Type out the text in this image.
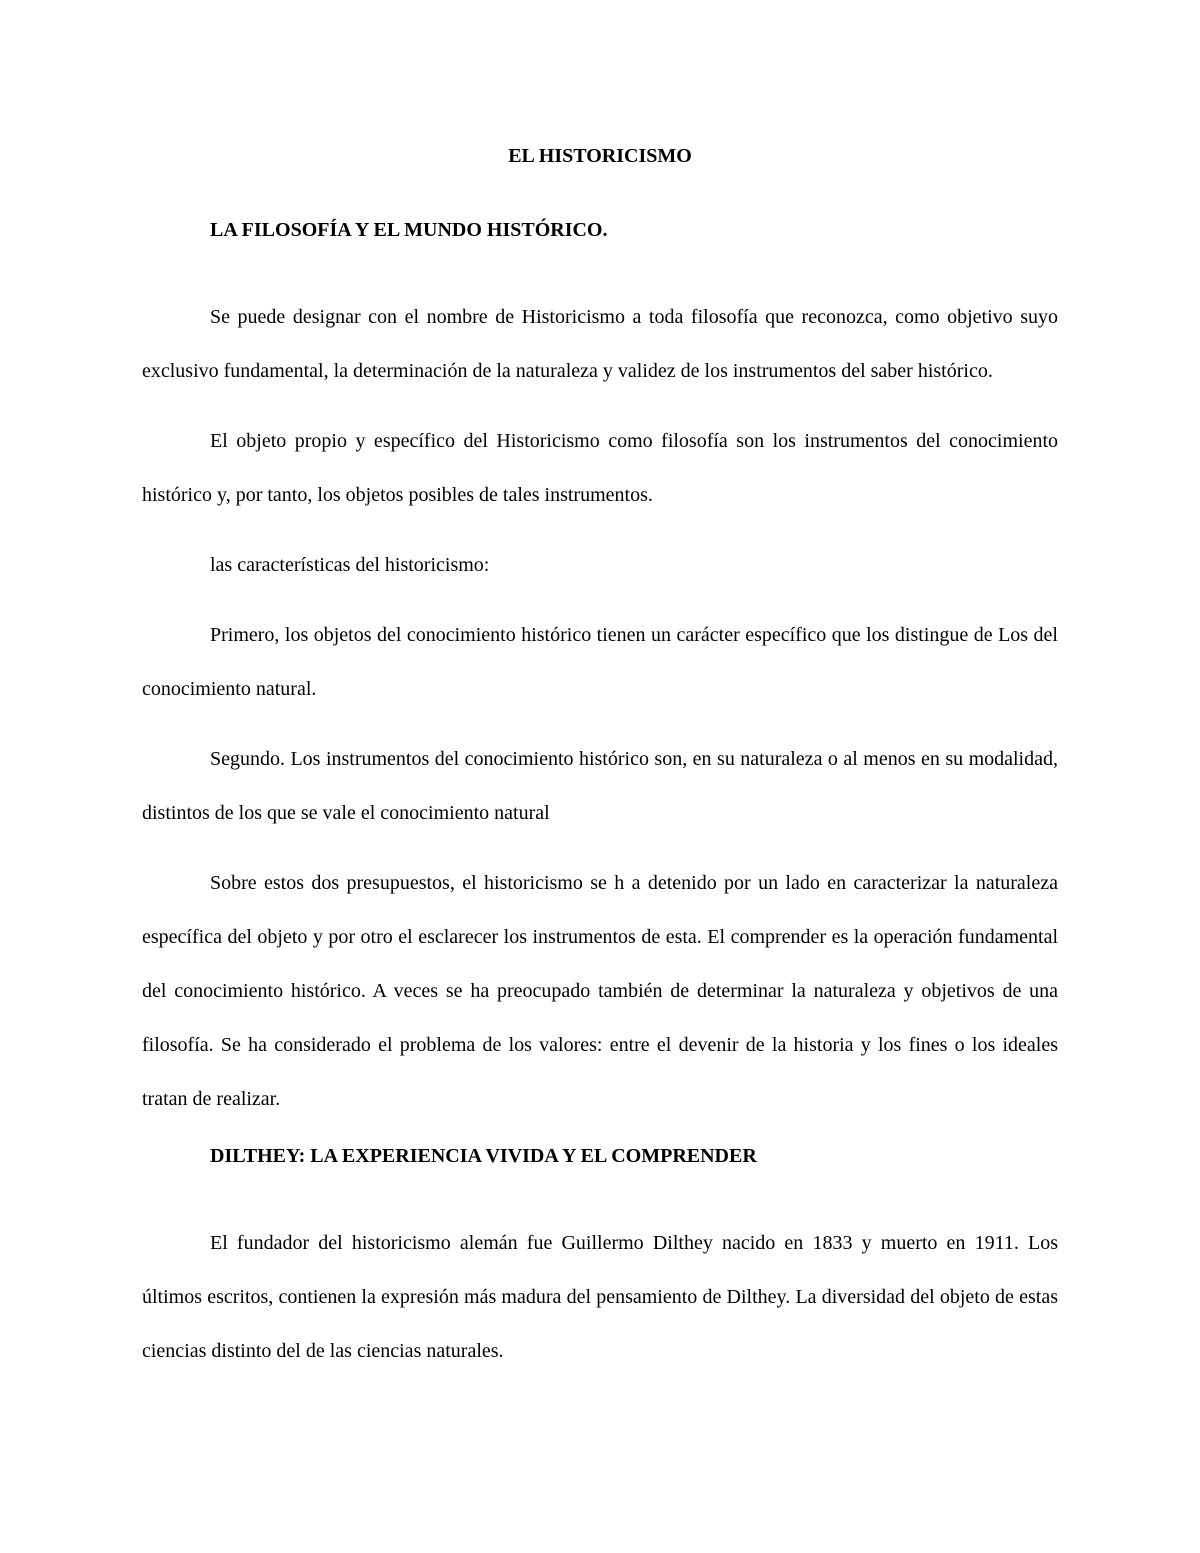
EL HISTORICISMO
LA FILOSOFÍA Y EL MUNDO HISTÓRICO.

Se puede designar con el nombre de Historicismo a toda filosofía que reconozca, como objetivo suyo exclusivo fundamental, la determinación de la naturaleza y validez de los instrumentos del saber histórico.

El objeto propio y específico del Historicismo como filosofía son los instrumentos del conocimiento histórico y, por tanto, los objetos posibles de tales instrumentos.

las características del historicismo:

Primero, los objetos del conocimiento histórico tienen un carácter específico que los distingue de Los del conocimiento natural.

Segundo. Los instrumentos del conocimiento histórico son, en su naturaleza o al menos en su modalidad, distintos de los que se vale el conocimiento natural

Sobre estos dos presupuestos, el historicismo se h a detenido por un lado en caracterizar la naturaleza específica del objeto y por otro el esclarecer los instrumentos de esta. El comprender es la operación fundamental del conocimiento histórico. A veces se ha preocupado también de determinar la naturaleza y objetivos de una filosofía. Se ha considerado el problema de los valores: entre el devenir de la historia y los fines o los ideales tratan de realizar.

DILTHEY: LA EXPERIENCIA VIVIDA Y EL COMPRENDER

El fundador del historicismo alemán fue Guillermo Dilthey nacido en 1833 y muerto en 1911. Los últimos escritos, contienen la expresión más madura del pensamiento de Dilthey. La diversidad del objeto de estas ciencias distinto del de las ciencias naturales.
